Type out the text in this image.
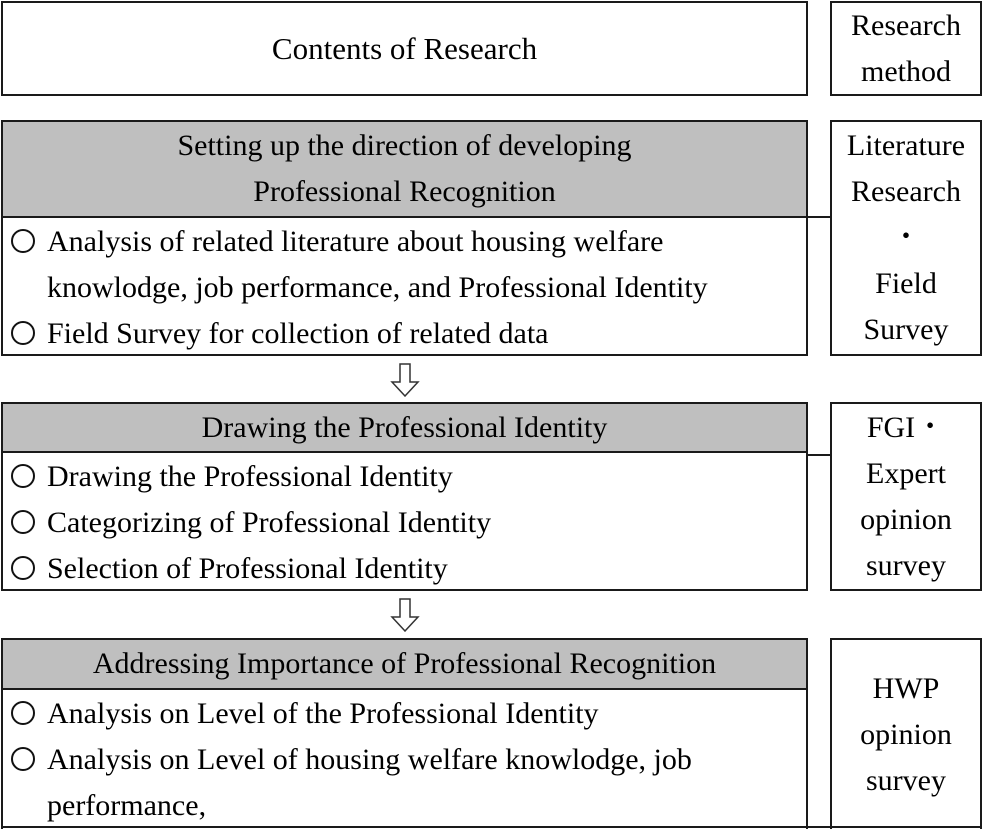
Contents of Research
Research
method
Setting up the direction of developing
Professional Recognition
Analysis of related literature about housing welfare
knowlodge, job performance, and Professional Identity
Field Survey for collection of related data
Literature
Research
・
Field
Survey
Drawing the Professional Identity
Drawing the Professional Identity
Categorizing of Professional Identity
Selection of Professional Identity
FGI・
Expert
opinion
survey
Addressing Importance of Professional Recognition
Analysis on Level of the Professional Identity
Analysis on Level of housing welfare knowlodge, job
performance,
HWP
opinion
survey
